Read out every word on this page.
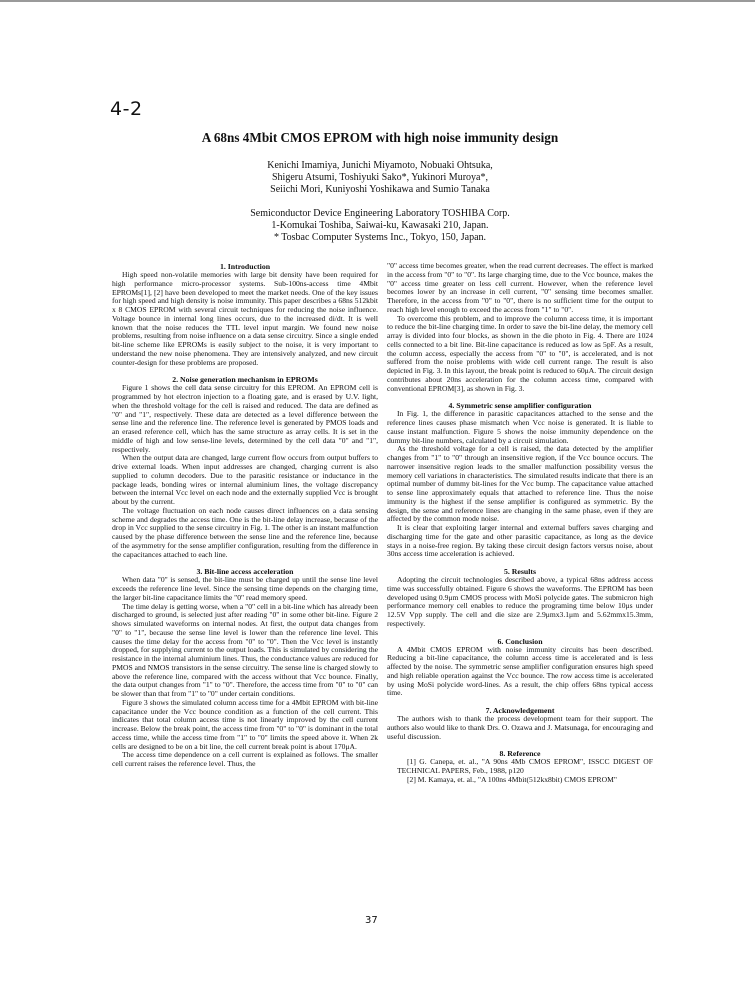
4-2
A 68ns 4Mbit CMOS EPROM with high noise immunity design
Kenichi Imamiya, Junichi Miyamoto, Nobuaki Ohtsuka,
Shigeru Atsumi, Toshiyuki Sako*, Yukinori Muroya*,
Seiichi Mori, Kuniyoshi Yoshikawa and Sumio Tanaka
Semiconductor Device Engineering Laboratory TOSHIBA Corp.
1-Komukai Toshiba, Saiwai-ku, Kawasaki 210, Japan.
* Tosbac Computer Systems Inc., Tokyo, 150, Japan.
1. Introduction

High speed non-volatile memories with large bit density have been required for high performance micro-processor systems. Sub-100ns-access time 4Mbit EPROMs[1], [2] have been developed to meet the market needs. One of the key issues for high speed and high density is noise immunity. This paper describes a 68ns 512kbit x 8 CMOS EPROM with several circuit techniques for reducing the noise influence. Voltage bounce in internal long lines occurs, due to the increased di/dt. It is well known that the noise reduces the TTL level input margin. We found new noise problems, resulting from noise influence on a data sense circuitry. Since a single ended bit-line scheme like EPROMs is easily subject to the noise, it is very important to understand the new noise phenomena. They are intensively analyzed, and new circuit counter-design for these problems are proposed.

2. Noise generation mechanism in EPROMs

Figure 1 shows the cell data sense circuitry for this EPROM. An EPROM cell is programmed by hot electron injection to a floating gate, and is erased by U.V. light, when the threshold voltage for the cell is raised and reduced. The data are defined as "0" and "1", respectively. These data are detected as a level difference between the sense line and the reference line. The reference level is generated by PMOS loads and an erased reference cell, which has the same structure as array cells. It is set in the middle of high and low sense-line levels, determined by the cell data "0" and "1", respectively.

When the output data are changed, large current flow occurs from output buffers to drive external loads. When input addresses are changed, charging current is also supplied to column decoders. Due to the parasitic resistance or inductance in the package leads, bonding wires or internal aluminium lines, the voltage discrepancy between the internal Vcc level on each node and the externally supplied Vcc is brought about by the current.

The voltage fluctuation on each node causes direct influences on a data sensing scheme and degrades the access time. One is the bit-line delay increase, because of the drop in Vcc supplied to the sense circuitry in Fig. 1. The other is an instant malfunction caused by the phase difference between the sense line and the reference line, because of the asymmetry for the sense amplifier configuration, resulting from the difference in the capacitances attached to each line.

3. Bit-line access acceleration

When data "0" is sensed, the bit-line must be charged up until the sense line level exceeds the reference line level. Since the sensing time depends on the charging time, the larger bit-line capacitance limits the "0" read memory speed.

The time delay is getting worse, when a "0" cell in a bit-line which has already been discharged to ground, is selected just after reading "0" in some other bit-line. Figure 2 shows simulated waveforms on internal nodes. At first, the output data changes from "0" to "1", because the sense line level is lower than the reference line level. This causes the time delay for the access from "0" to "0". Then the Vcc level is instantly dropped, for supplying current to the output loads. This is simulated by considering the resistance in the internal aluminium lines. Thus, the conductance values are reduced for PMOS and NMOS transistors in the sense circuitry. The sense line is charged slowly to above the reference line, compared with the access without that Vcc bounce. Finally, the data output changes from "1" to "0". Therefore, the access time from "0" to "0" can be slower than that from "1" to "0" under certain conditions.

Figure 3 shows the simulated column access time for a 4Mbit EPROM with bit-line capacitance under the Vcc bounce condition as a function of the cell current. This indicates that total column access time is not linearly improved by the cell current increase. Below the break point, the access time from "0" to "0" is dominant in the total access time, while the access time from "1" to "0" limits the speed above it. When 2k cells are designed to be on a bit line, the cell current break point is about 170μA.

The access time dependence on a cell current is explained as follows. The smaller cell current raises the reference level. Thus, the

"0" access time becomes greater, when the read current decreases. The effect is marked in the access from "0" to "0". Its large charging time, due to the Vcc bounce, makes the "0" access time greater on less cell current. However, when the reference level becomes lower by an increase in cell current, "0" sensing time becomes smaller. Therefore, in the access from "0" to "0", there is no sufficient time for the output to reach high level enough to exceed the access from "1" to "0".

To overcome this problem, and to improve the column access time, it is important to reduce the bit-line charging time. In order to save the bit-line delay, the memory cell array is divided into four blocks, as shown in the die photo in Fig. 4. There are 1024 cells connected to a bit line. Bit-line capacitance is reduced as low as 5pF. As a result, the column access, especially the access from "0" to "0", is accelerated, and is not suffered from the noise problems with wide cell current range. The result is also depicted in Fig. 3. In this layout, the break point is reduced to 60μA. The circuit design contributes about 20ns acceleration for the column access time, compared with conventional EPROM[3], as shown in Fig. 3.

4. Symmetric sense amplifier configuration

In Fig. 1, the difference in parasitic capacitances attached to the sense and the reference lines causes phase mismatch when Vcc noise is generated. It is liable to cause instant malfunction. Figure 5 shows the noise immunity dependence on the dummy bit-line numbers, calculated by a circuit simulation.

As the threshold voltage for a cell is raised, the data detected by the amplifier changes from "1" to "0" through an insensitive region, if the Vcc bounce occurs. The narrower insensitive region leads to the smaller malfunction possibility versus the memory cell variations in characteristics. The simulated results indicate that there is an optimal number of dummy bit-lines for the Vcc bump. The capacitance value attached to sense line approximately equals that attached to reference line. Thus the noise immunity is the highest if the sense amplifier is configured as symmetric. By the design, the sense and reference lines are changing in the same phase, even if they are affected by the common mode noise.

It is clear that exploiting larger internal and external buffers saves charging and discharging time for the gate and other parasitic capacitance, as long as the device stays in a noise-free region. By taking these circuit design factors versus noise, about 30ns access time acceleration is achieved.

5. Results

Adopting the circuit technologies described above, a typical 68ns address access time was successfully obtained. Figure 6 shows the waveforms. The EPROM has been developed using 0.9μm CMOS process with MoSi polycide gates. The submicron high performance memory cell enables to reduce the programing time below 10μs under 12.5V Vpp supply. The cell and die size are 2.9μmx3.1μm and 5.62mmx15.3mm, respectively.

6. Conclusion

A 4Mbit CMOS EPROM with noise immunity circuits has been described. Reducing a bit-line capacitance, the column access time is accelerated and is less affected by the noise. The symmetric sense amplifier configuration ensures high speed and high reliable operation against the Vcc bounce. The row access time is accelerated by using MoSi polycide word-lines. As a result, the chip offers 68ns typical access time.

7. Acknowledgement

The authors wish to thank the process development team for their support. The authors also would like to thank Drs. O. Ozawa and J. Matsunaga, for encouraging and useful discussion.

8. Reference

[1] G. Canepa, et. al., "A 90ns 4Mb CMOS EPROM", ISSCC DIGEST OF TECHNICAL PAPERS, Feb., 1988, p120

[2] M. Kamaya, et. al., "A 100ns 4Mbit(512kx8bit) CMOS EPROM"

37
